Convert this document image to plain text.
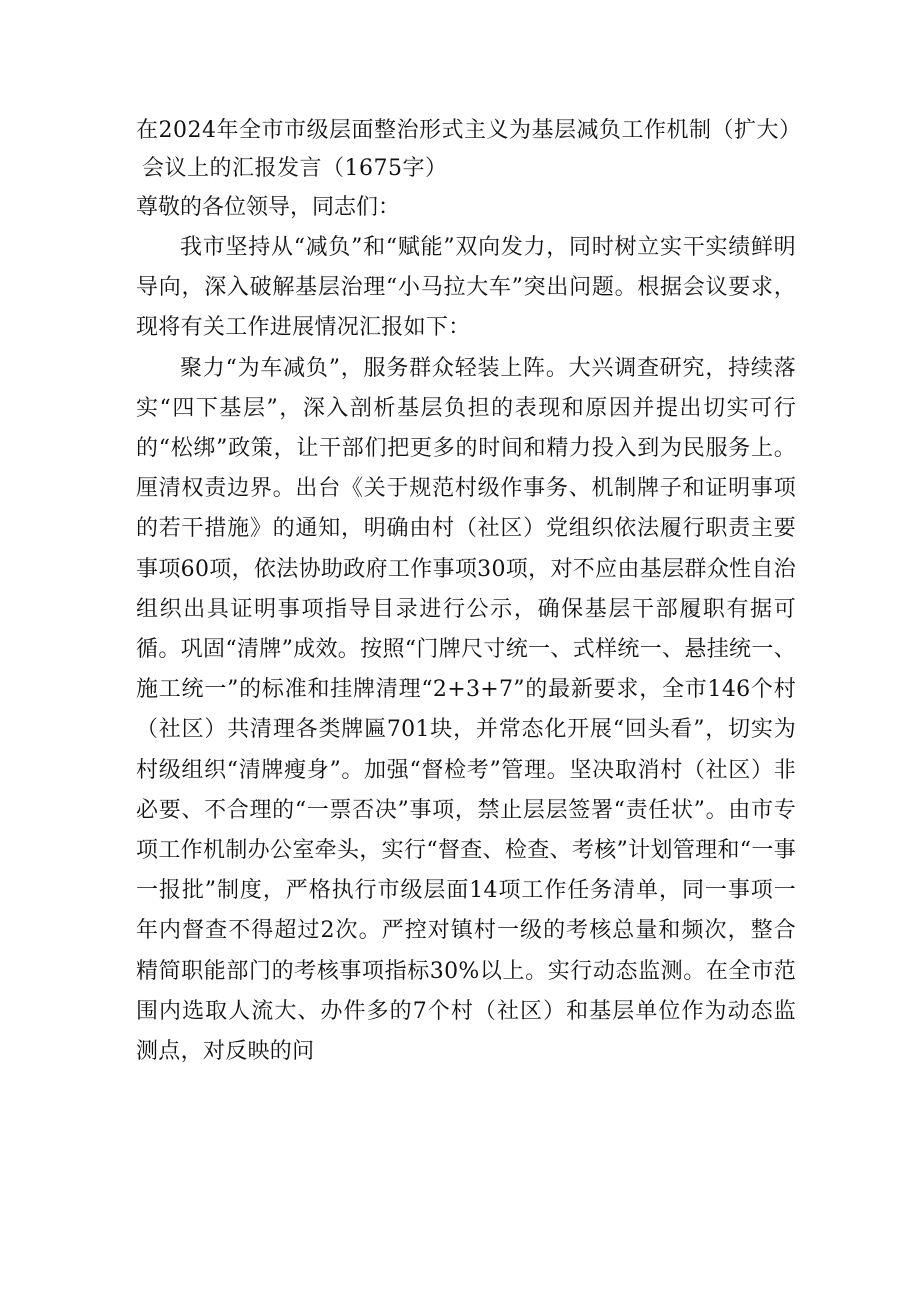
在2024年全市市级层面整治形式主义为基层减负工作机制（扩大）
会议上的汇报发言（1675字）

尊敬的各位领导，同志们：

我市坚持从“减负”和“赋能”双向发力，同时树立实干实绩鲜明导向，深入破解基层治理“小马拉大车”突出问题。根据会议要求，现将有关工作进展情况汇报如下：

聚力“为车减负”，服务群众轻装上阵。大兴调查研究，持续落实“四下基层”，深入剖析基层负担的表现和原因并提出切实可行的“松绑”政策，让干部们把更多的时间和精力投入到为民服务上。厘清权责边界。出台《关于规范村级作事务、机制牌子和证明事项的若干措施》的通知，明确由村（社区）党组织依法履行职责主要事项60项，依法协助政府工作事项30项，对不应由基层群众性自治组织出具证明事项指导目录进行公示，确保基层干部履职有据可循。巩固“清牌”成效。按照“门牌尺寸统一、式样统一、悬挂统一、施工统一”的标准和挂牌清理“2+3+7”的最新要求，全市146个村（社区）共清理各类牌匾701块，并常态化开展“回头看”，切实为村级组织“清牌瘦身”。加强“督检考”管理。坚决取消村（社区）非必要、不合理的“一票否决”事项，禁止层层签署“责任状”。由市专项工作机制办公室牵头，实行“督查、检查、考核”计划管理和“一事一报批”制度，严格执行市级层面14项工作任务清单，同一事项一年内督查不得超过2次。严控对镇村一级的考核总量和频次，整合精简职能部门的考核事项指标30%以上。实行动态监测。在全市范围内选取人流大、办件多的7个村（社区）和基层单位作为动态监测点，对反映的问
